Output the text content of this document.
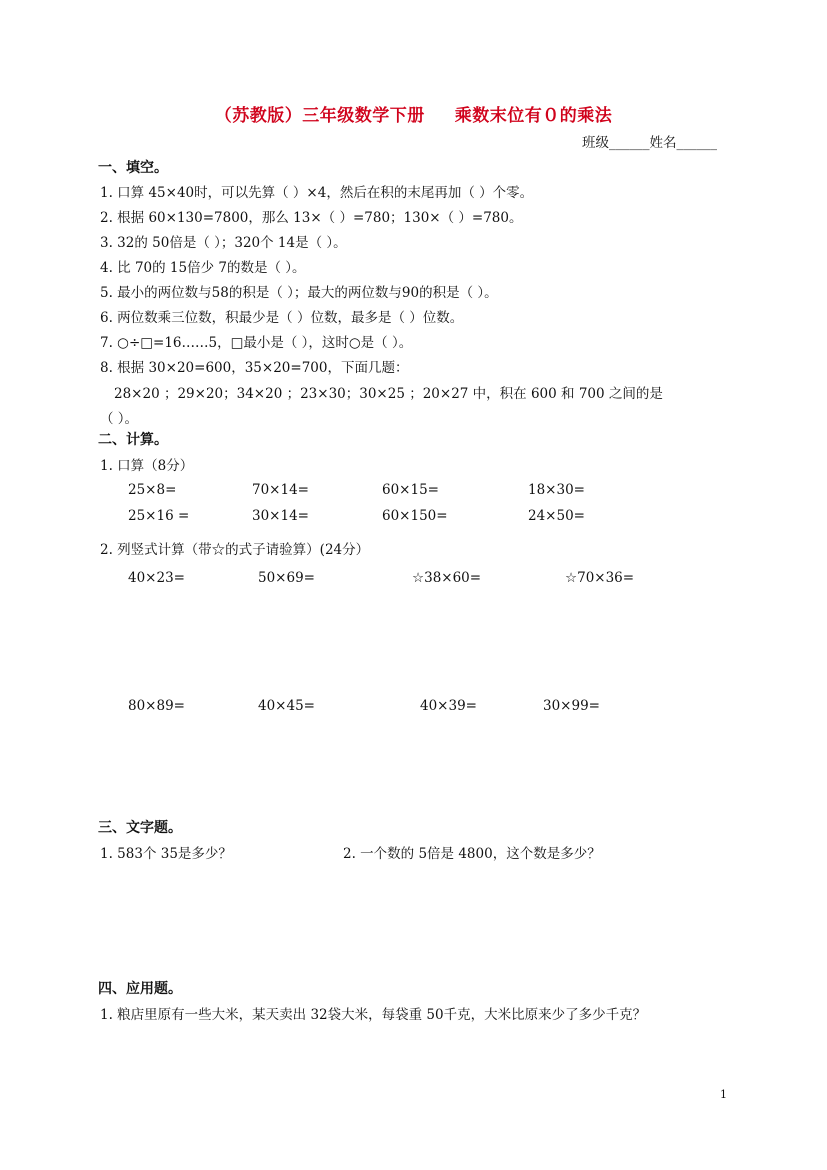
（苏教版）三年级数学下册 乘数末位有０的乘法
班级______姓名______
一、填空。
1. 口算 45×40时，可以先算（ ）×4，然后在积的末尾再加（ ）个零。
2. 根据 60×130=7800，那么 13×（ ）=780；130×（ ）=780。
3. 32的 50倍是（ ）；320个 14是（ ）。
4. 比 70的 15倍少 7的数是（ ）。
5. 最小的两位数与58的积是（ ）；最大的两位数与90的积是（ ）。
6. 两位数乘三位数，积最少是（ ）位数，最多是（ ）位数。
7. ○÷□=16……5，□最小是（ ），这时○是（ ）。
8. 根据 30×20=600，35×20=700，下面几题：
28×20 ；29×20；34×20 ；23×30；30×25 ；20×27 中，积在 600 和 700 之间的是
（ ）。
二、计算。
1. 口算（8分）
25×8=	70×14=	60×15=	18×30=
25×16 =	30×14=	60×150=	24×50=
2. 列竖式计算（带☆的式子请验算）(24分）
40×23=	50×69=	☆38×60=	☆70×36=
80×89=	40×45=	40×39=	30×99=
三、文字题。
1. 583个 35是多少？	2. 一个数的 5倍是 4800，这个数是多少？
四、应用题。
1. 粮店里原有一些大米，某天卖出 32袋大米，每袋重 50千克，大米比原来少了多少千克？
1
